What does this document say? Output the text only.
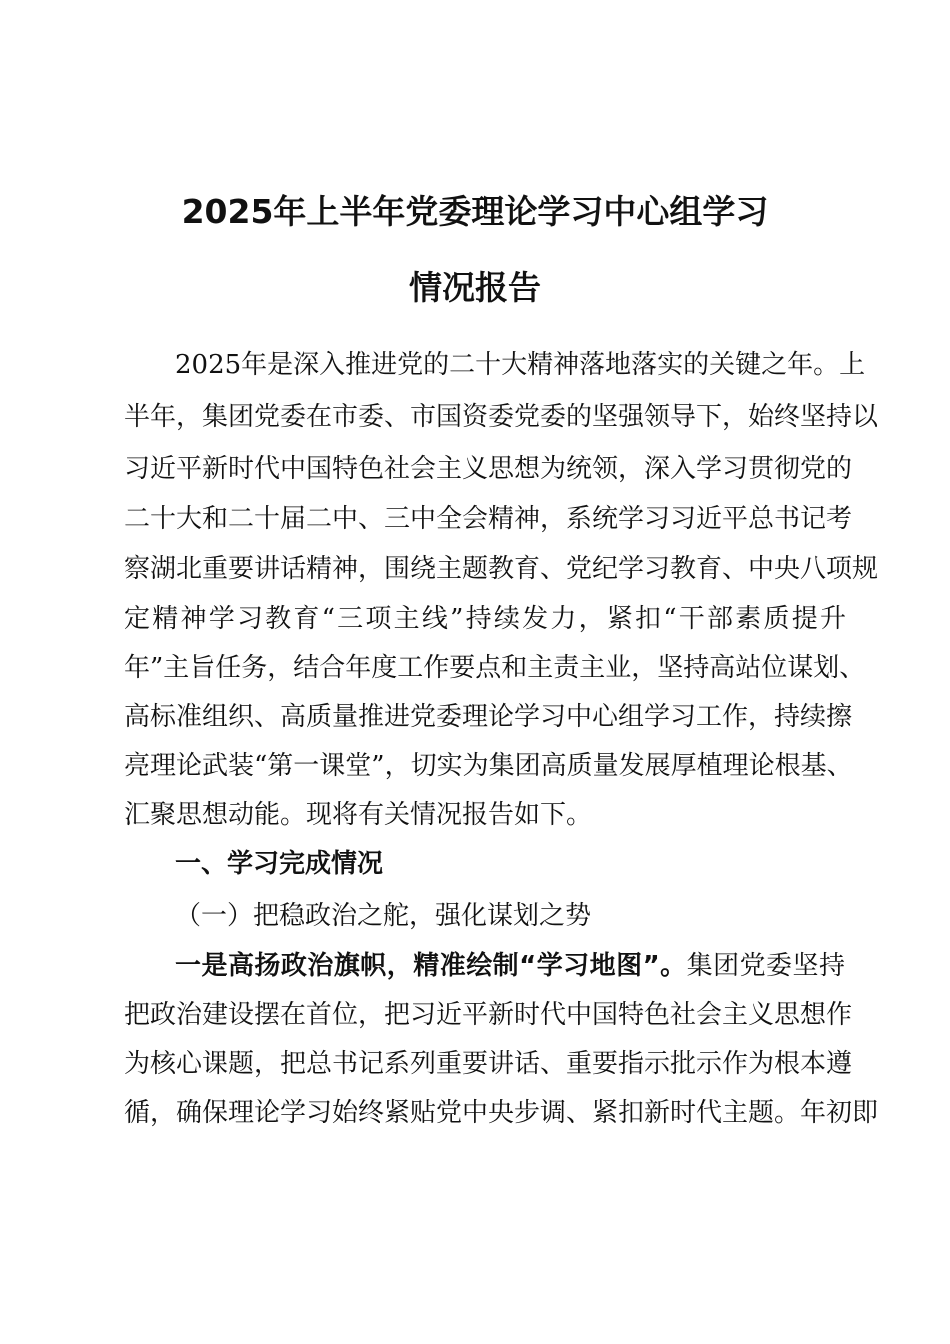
2025年上半年党委理论学习中心组学习
情况报告
2025年是深入推进党的二十大精神落地落实的关键之年。上
半年，集团党委在市委、市国资委党委的坚强领导下，始终坚持以
习近平新时代中国特色社会主义思想为统领，深入学习贯彻党的
二十大和二十届二中、三中全会精神，系统学习习近平总书记考
察湖北重要讲话精神，围绕主题教育、党纪学习教育、中央八项规
定精神学习教育“三项主线”持续发力，紧扣“干部素质提升
年”主旨任务，结合年度工作要点和主责主业，坚持高站位谋划、
高标准组织、高质量推进党委理论学习中心组学习工作，持续擦
亮理论武装“第一课堂”，切实为集团高质量发展厚植理论根基、
汇聚思想动能。现将有关情况报告如下。
一、学习完成情况
（一）把稳政治之舵，强化谋划之势
一是高扬政治旗帜，精准绘制“学习地图”。集团党委坚持
把政治建设摆在首位，把习近平新时代中国特色社会主义思想作
为核心课题，把总书记系列重要讲话、重要指示批示作为根本遵
循，确保理论学习始终紧贴党中央步调、紧扣新时代主题。年初即
